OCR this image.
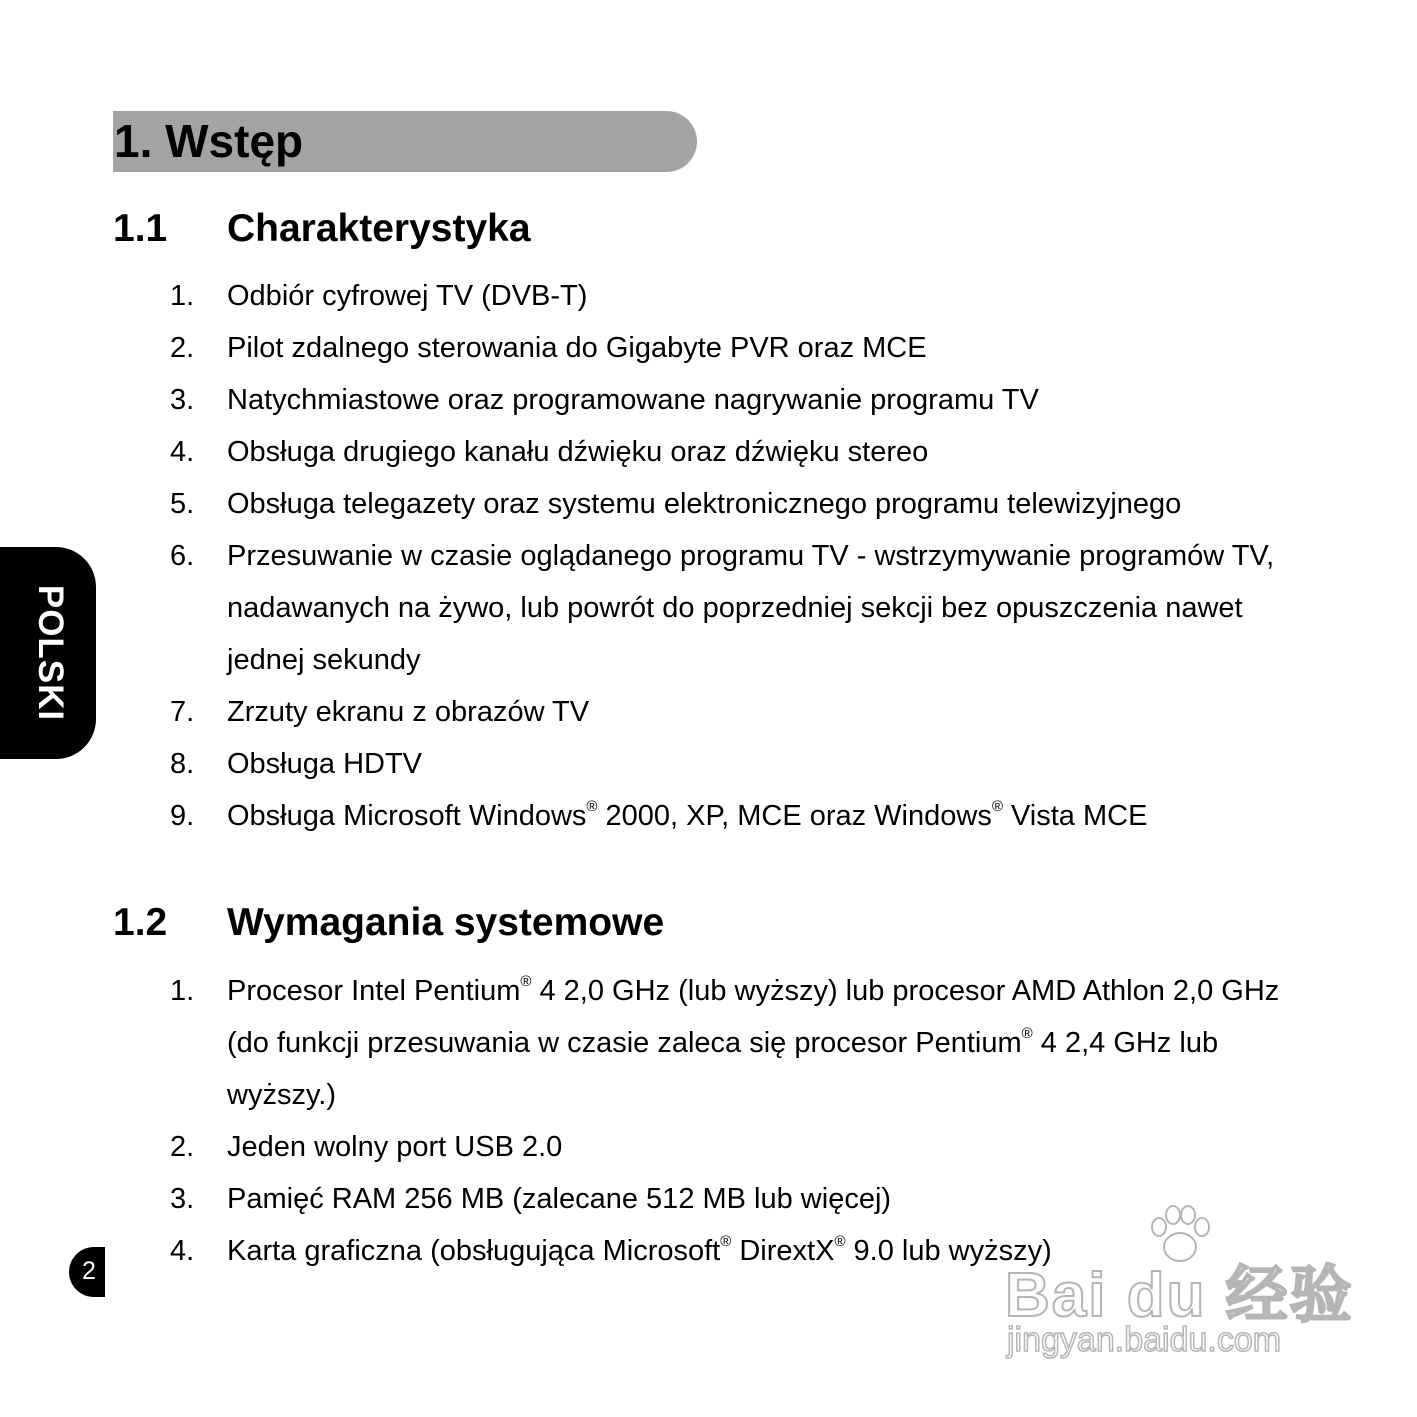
1. Wstęp
1.1 Charakterystyka
1. Odbiór cyfrowej TV (DVB-T)
2. Pilot zdalnego sterowania do Gigabyte PVR oraz MCE
3. Natychmiastowe oraz programowane nagrywanie programu TV
4. Obsługa drugiego kanału dźwięku oraz dźwięku stereo
5. Obsługa telegazety oraz systemu elektronicznego programu telewizyjnego
6. Przesuwanie w czasie oglądanego programu TV - wstrzymywanie programów TV, nadawanych na żywo, lub powrót do poprzedniej sekcji bez opuszczenia nawet jednej sekundy
7. Zrzuty ekranu z obrazów TV
8. Obsługa HDTV
9. Obsługa Microsoft Windows® 2000, XP, MCE oraz Windows® Vista MCE
1.2 Wymagania systemowe
1. Procesor Intel Pentium® 4 2,0 GHz (lub wyższy) lub procesor AMD Athlon 2,0 GHz (do funkcji przesuwania w czasie zaleca się procesor Pentium® 4 2,4 GHz lub wyższy.)
2. Jeden wolny port USB 2.0
3. Pamięć RAM 256 MB (zalecane 512 MB lub więcej)
4. Karta graficzna (obsługująca Microsoft® DirextX® 9.0 lub wyższy)
POLSKI
2	Bai du 经验
jingyan.baidu.com
